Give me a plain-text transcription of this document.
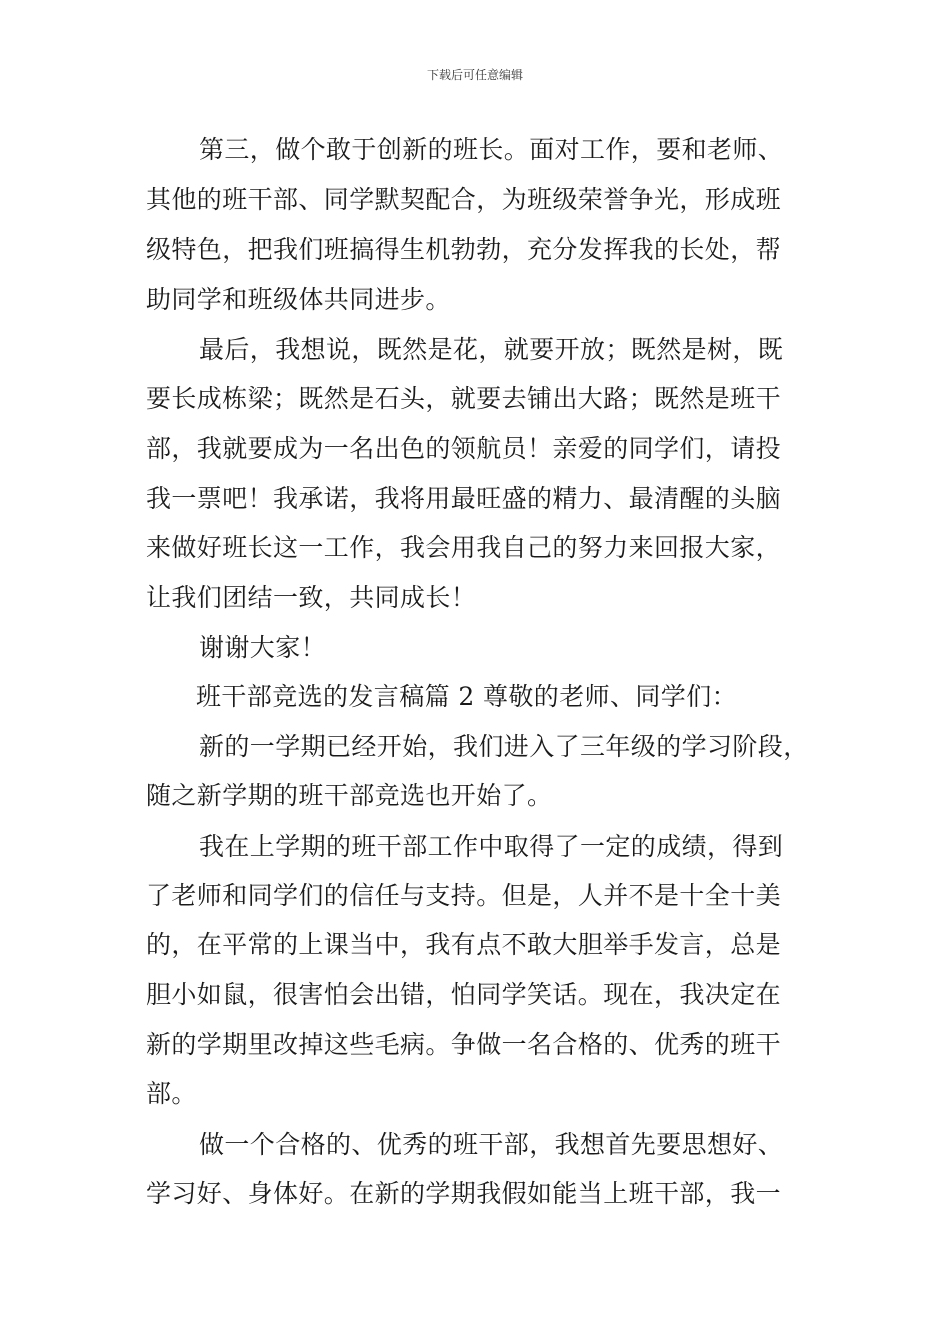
下载后可任意编辑
第三，做个敢于创新的班长。面对工作，要和老师、
其他的班干部、同学默契配合，为班级荣誉争光，形成班
级特色，把我们班搞得生机勃勃，充分发挥我的长处，帮
助同学和班级体共同进步。
最后，我想说，既然是花，就要开放；既然是树，既
要长成栋梁；既然是石头，就要去铺出大路；既然是班干
部，我就要成为一名出色的领航员！亲爱的同学们，请投
我一票吧！我承诺，我将用最旺盛的精力、最清醒的头脑
来做好班长这一工作，我会用我自己的努力来回报大家，
让我们团结一致，共同成长！
谢谢大家！
班干部竞选的发言稿篇 2 尊敬的老师、同学们：
新的一学期已经开始，我们进入了三年级的学习阶段，
随之新学期的班干部竞选也开始了。
我在上学期的班干部工作中取得了一定的成绩，得到
了老师和同学们的信任与支持。但是，人并不是十全十美
的，在平常的上课当中，我有点不敢大胆举手发言，总是
胆小如鼠，很害怕会出错，怕同学笑话。现在，我决定在
新的学期里改掉这些毛病。争做一名合格的、优秀的班干
部。
做一个合格的、优秀的班干部，我想首先要思想好、
学习好、身体好。在新的学期我假如能当上班干部，我一
